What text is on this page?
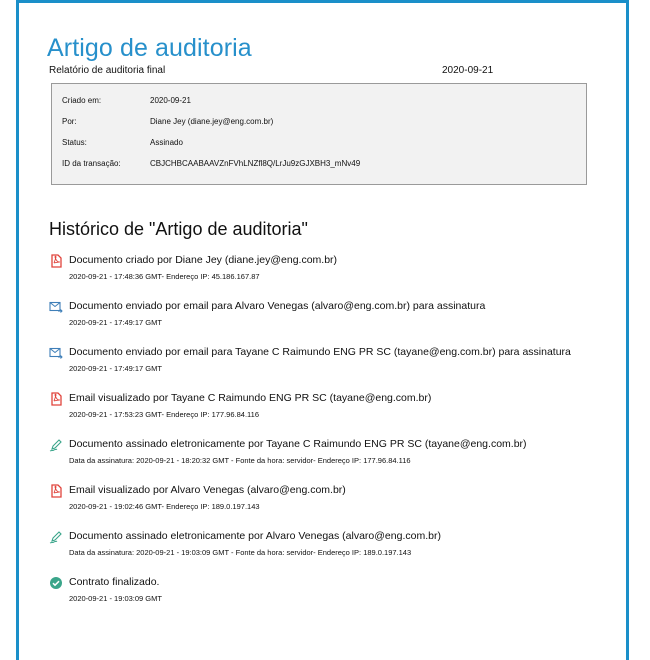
Artigo de auditoria
Relatório de auditoria final	2020-09-21
Criado em:	2020-09-21
Por:	Diane Jey (diane.jey@eng.com.br)
Status:	Assinado
ID da transação:	CBJCHBCAABAAVZnFVhLNZfl8Q/LrJu9zGJXBH3_mNv49
Histórico de "Artigo de auditoria"
Documento criado por Diane Jey (diane.jey@eng.com.br)
2020-09-21 - 17:48:36 GMT- Endereço IP: 45.186.167.87
Documento enviado por email para Alvaro Venegas (alvaro@eng.com.br) para assinatura
2020-09-21 - 17:49:17 GMT
Documento enviado por email para Tayane C Raimundo ENG PR SC (tayane@eng.com.br) para assinatura
2020-09-21 - 17:49:17 GMT
Email visualizado por Tayane C Raimundo ENG PR SC (tayane@eng.com.br)
2020-09-21 - 17:53:23 GMT- Endereço IP: 177.96.84.116
Documento assinado eletronicamente por Tayane C Raimundo ENG PR SC (tayane@eng.com.br)
Data da assinatura: 2020-09-21 - 18:20:32 GMT - Fonte da hora: servidor- Endereço IP: 177.96.84.116
Email visualizado por Alvaro Venegas (alvaro@eng.com.br)
2020-09-21 - 19:02:46 GMT- Endereço IP: 189.0.197.143
Documento assinado eletronicamente por Alvaro Venegas (alvaro@eng.com.br)
Data da assinatura: 2020-09-21 - 19:03:09 GMT - Fonte da hora: servidor- Endereço IP: 189.0.197.143
Contrato finalizado.
2020-09-21 - 19:03:09 GMT
